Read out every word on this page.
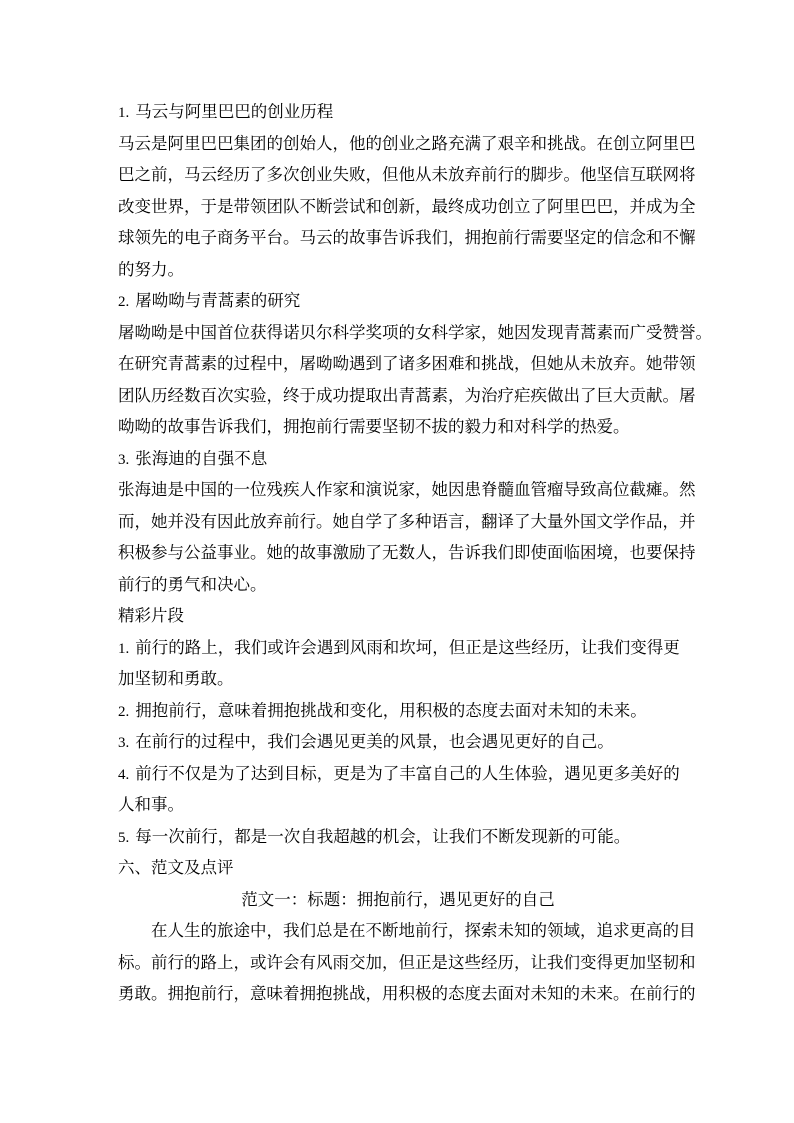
1. 马云与阿里巴巴的创业历程
马云是阿里巴巴集团的创始人，他的创业之路充满了艰辛和挑战。在创立阿里巴
巴之前，马云经历了多次创业失败，但他从未放弃前行的脚步。他坚信互联网将
改变世界，于是带领团队不断尝试和创新，最终成功创立了阿里巴巴，并成为全
球领先的电子商务平台。马云的故事告诉我们，拥抱前行需要坚定的信念和不懈
的努力。
2. 屠呦呦与青蒿素的研究
屠呦呦是中国首位获得诺贝尔科学奖项的女科学家，她因发现青蒿素而广受赞誉。
在研究青蒿素的过程中，屠呦呦遇到了诸多困难和挑战，但她从未放弃。她带领
团队历经数百次实验，终于成功提取出青蒿素，为治疗疟疾做出了巨大贡献。屠
呦呦的故事告诉我们，拥抱前行需要坚韧不拔的毅力和对科学的热爱。
3. 张海迪的自强不息
张海迪是中国的一位残疾人作家和演说家，她因患脊髓血管瘤导致高位截瘫。然
而，她并没有因此放弃前行。她自学了多种语言，翻译了大量外国文学作品，并
积极参与公益事业。她的故事激励了无数人，告诉我们即使面临困境，也要保持
前行的勇气和决心。
精彩片段
1. 前行的路上，我们或许会遇到风雨和坎坷，但正是这些经历，让我们变得更
加坚韧和勇敢。
2. 拥抱前行，意味着拥抱挑战和变化，用积极的态度去面对未知的未来。
3. 在前行的过程中，我们会遇见更美的风景，也会遇见更好的自己。
4. 前行不仅是为了达到目标，更是为了丰富自己的人生体验，遇见更多美好的
人和事。
5. 每一次前行，都是一次自我超越的机会，让我们不断发现新的可能。
六、范文及点评
范文一：标题：拥抱前行，遇见更好的自己
在人生的旅途中，我们总是在不断地前行，探索未知的领域，追求更高的目
标。前行的路上，或许会有风雨交加，但正是这些经历，让我们变得更加坚韧和
勇敢。拥抱前行，意味着拥抱挑战，用积极的态度去面对未知的未来。在前行的
